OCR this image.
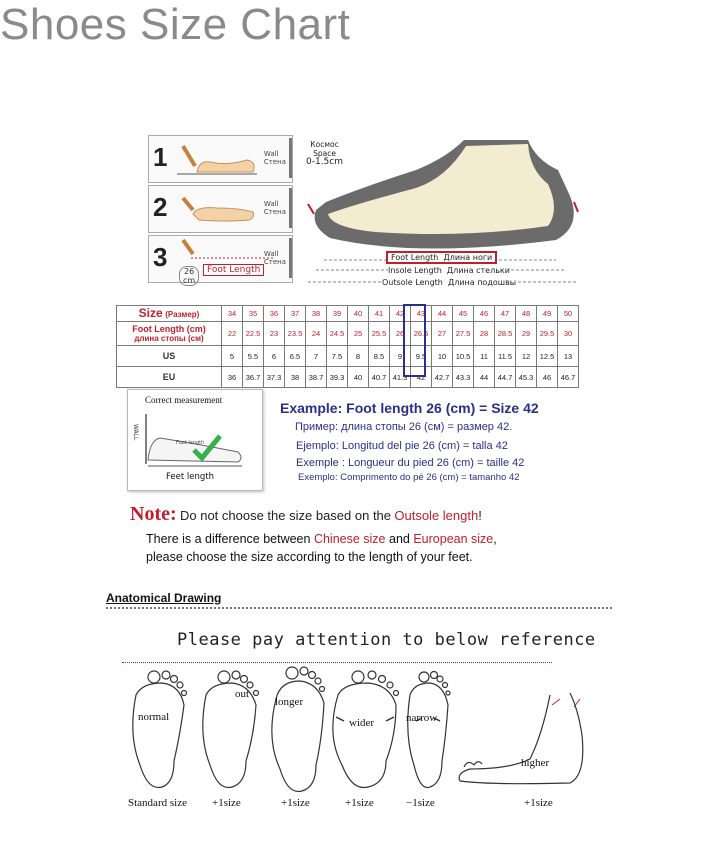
Shoes Size Chart
1	Wall
Стена
2	Wall
Стена
3 26
cm
Foot Length
Wall
Стена
Космос
Space
0-1.5cm
Foot Length Длина ноги
Insole Length Длина стельки
Outsole Length Длина подошвы
Size (Размер)	34	35	36	37	38	39	40	41	42	43	44	45	46	47	48	49	50

Foot Length (cm)
длина стопы (см)	22	22.5	23	23.5	24	24.5	25	25.5	26	26.5	27	27.5	28	28.5	29	29.5	30
US	5	5.5	6	6.5	7	7.5	8	8.5	9	9.5	10	10.5	11	11.5	12	12.5	13
EU	36	36.7	37.3	38	38.7	39.3	40	40.7	41.3	42	42.7	43.3	44	44.7	45.3	46	46.7
Correct measurement
WALL
Foot length
Feet length
Example: Foot length 26 (cm) = Size 42
Пример: длина стопы 26 (см) = размер 42.
Ejemplo: Longitud del pie 26 (cm) = talla 42
Exemple : Longueur du pied 26 (cm) = taille 42
Exemplo: Comprimento do pé 26 (cm) = tamanho 42
Note: Do not choose the size based on the Outsole length!
There is a difference between Chinese size and European size,
please choose the size according to the length of your feet.
Anatomical Drawing
Please pay attention to below reference
normal
out
longer
wider	narrow
higher
Standard size +1size	+1size	+1size	−1size	+1size
